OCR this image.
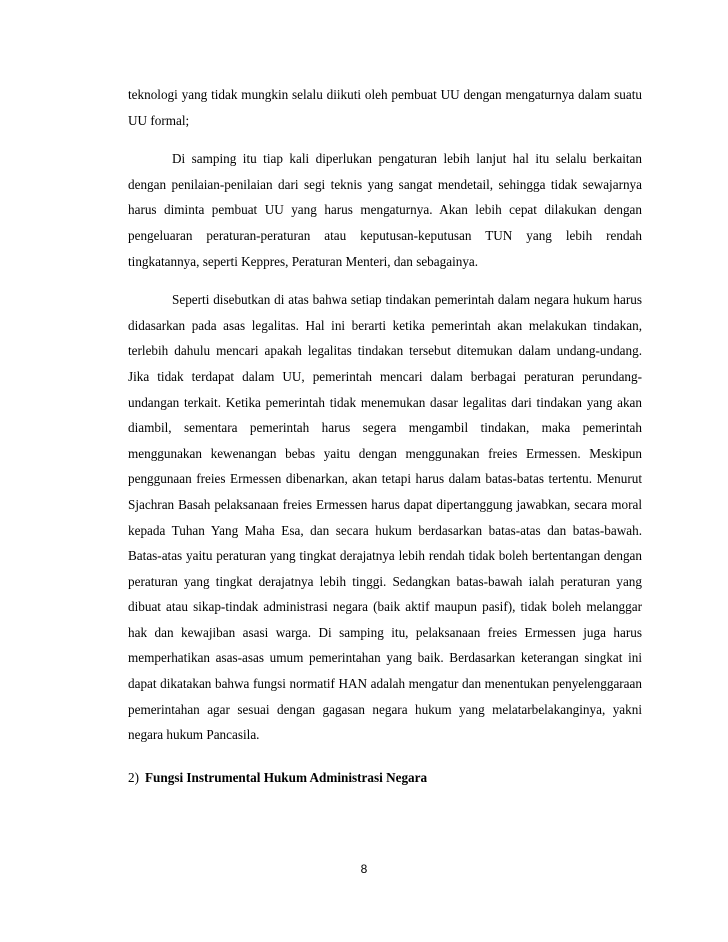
teknologi yang tidak mungkin selalu diikuti oleh pembuat UU dengan mengaturnya dalam suatu UU formal;

Di samping itu tiap kali diperlukan pengaturan lebih lanjut hal itu selalu berkaitan dengan penilaian-penilaian dari segi teknis yang sangat mendetail, sehingga tidak sewajarnya harus diminta pembuat UU yang harus mengaturnya. Akan lebih cepat dilakukan dengan pengeluaran peraturan-peraturan atau keputusan-keputusan TUN yang lebih rendah tingkatannya, seperti Keppres, Peraturan Menteri, dan sebagainya.

Seperti disebutkan di atas bahwa setiap tindakan pemerintah dalam negara hukum harus didasarkan pada asas legalitas. Hal ini berarti ketika pemerintah akan melakukan tindakan, terlebih dahulu mencari apakah legalitas tindakan tersebut ditemukan dalam undang-undang. Jika tidak terdapat dalam UU, pemerintah mencari dalam berbagai peraturan perundang-undangan terkait. Ketika pemerintah tidak menemukan dasar legalitas dari tindakan yang akan diambil, sementara pemerintah harus segera mengambil tindakan, maka pemerintah menggunakan kewenangan bebas yaitu dengan menggunakan freies Ermessen. Meskipun penggunaan freies Ermessen dibenarkan, akan tetapi harus dalam batas-batas tertentu. Menurut Sjachran Basah pelaksanaan freies Ermessen harus dapat dipertanggung jawabkan, secara moral kepada Tuhan Yang Maha Esa, dan secara hukum berdasarkan batas-atas dan batas-bawah. Batas-atas yaitu peraturan yang tingkat derajatnya lebih rendah tidak boleh bertentangan dengan peraturan yang tingkat derajatnya lebih tinggi. Sedangkan batas-bawah ialah peraturan yang dibuat atau sikap-tindak administrasi negara (baik aktif maupun pasif), tidak boleh melanggar hak dan kewajiban asasi warga. Di samping itu, pelaksanaan freies Ermessen juga harus memperhatikan asas-asas umum pemerintahan yang baik. Berdasarkan keterangan singkat ini dapat dikatakan bahwa fungsi normatif HAN adalah mengatur dan menentukan penyelenggaraan pemerintahan agar sesuai dengan gagasan negara hukum yang melatarbelakanginya, yakni negara hukum Pancasila.

2) Fungsi Instrumental Hukum Administrasi Negara
8
